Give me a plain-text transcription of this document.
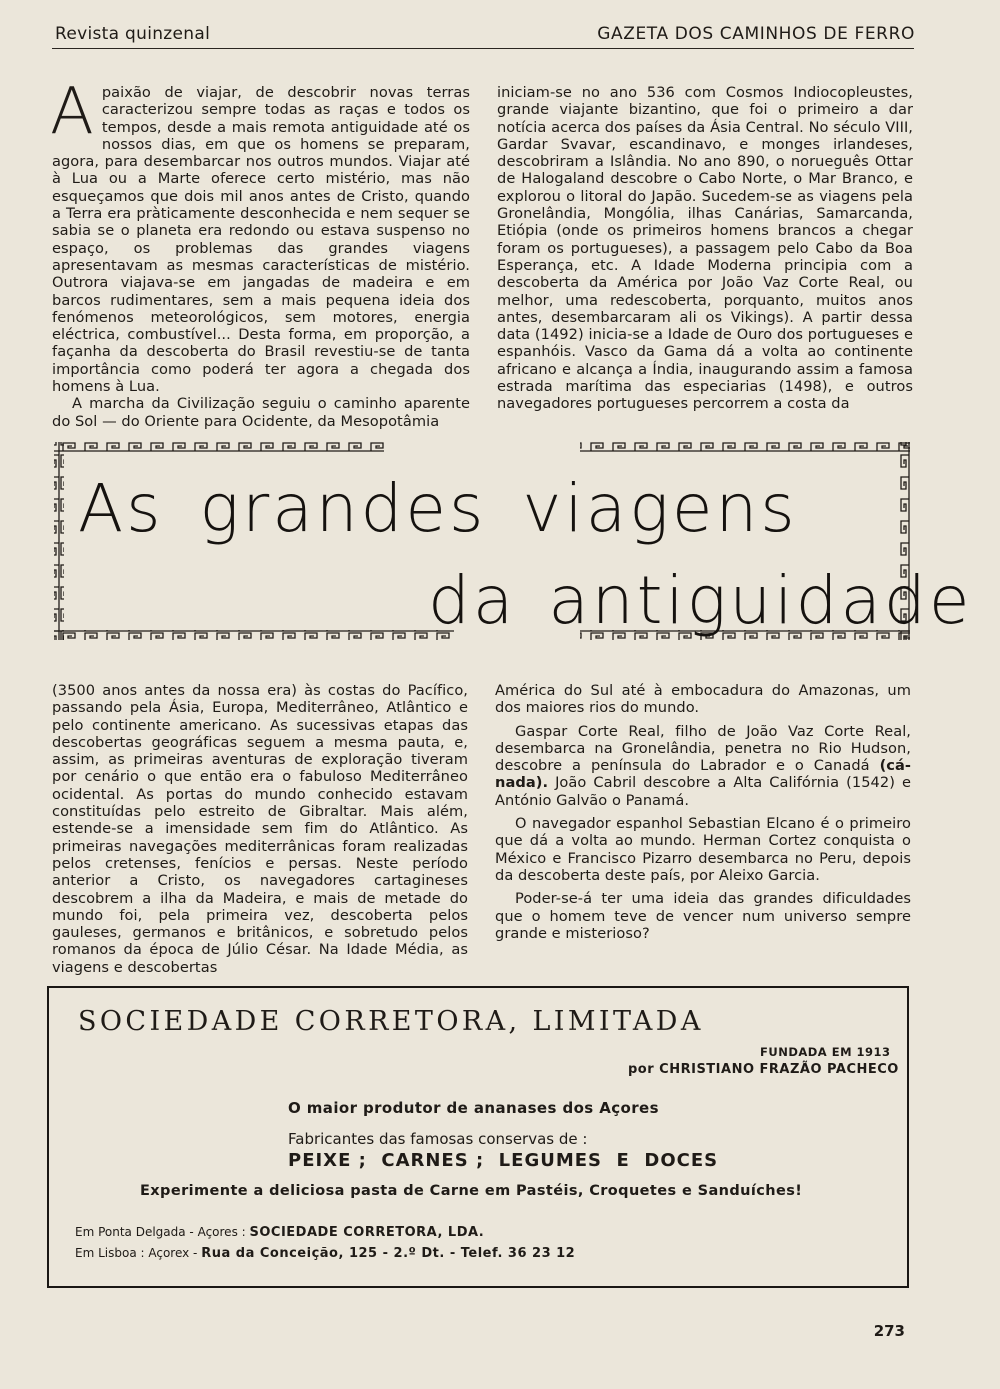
Revista quinzenal	GAZETA DOS CAMINHOS DE FERRO

Apaixão de viajar, de descobrir novas terras caracterizou sempre todas as raças e todos os tempos, desde a mais remota antiguidade até os nossos dias, em que os homens se preparam, agora, para desembarcar nos outros mundos. Viajar até à Lua ou a Marte oferece certo mistério, mas não esqueçamos que dois mil anos antes de Cristo, quando a Terra era pràticamente desconhecida e nem sequer se sabia se o planeta era redondo ou estava suspenso no espaço, os problemas das grandes viagens apresentavam as mesmas características de mistério. Outrora viajava-se em jangadas de madeira e em barcos rudimentares, sem a mais pequena ideia dos fenómenos meteorológicos, sem motores, energia eléctrica, combustível... Desta forma, em proporção, a façanha da descoberta do Brasil revestiu-se de tanta importância como poderá ter agora a chegada dos homens à Lua.

A marcha da Civilização seguiu o caminho aparente do Sol — do Oriente para Ocidente, da Mesopotâmia

iniciam-se no ano 536 com Cosmos Indiocopleustes, grande viajante bizantino, que foi o primeiro a dar notícia acerca dos países da Ásia Central. No século VIII, Gardar Svavar, escandinavo, e monges irlandeses, descobriram a Islândia. No ano 890, o norueguês Ottar de Halogaland descobre o Cabo Norte, o Mar Branco, e explorou o litoral do Japão. Sucedem-se as viagens pela Gronelândia, Mongólia, ilhas Canárias, Samarcanda, Etiópia (onde os primeiros homens brancos a chegar foram os portugueses), a passagem pelo Cabo da Boa Esperança, etc. A Idade Moderna principia com a descoberta da América por João Vaz Corte Real, ou melhor, uma redescoberta, porquanto, muitos anos antes, desembarcaram ali os Vikings). A partir dessa data (1492) inicia-se a Idade de Ouro dos portugueses e espanhóis. Vasco da Gama dá a volta ao continente africano e alcança a Índia, inaugurando assim a famosa estrada marítima das especiarias (1498), e outros navegadores portugueses percorrem a costa da

As grandes viagens
da antiguidade

(3500 anos antes da nossa era) às costas do Pacífico, passando pela Ásia, Europa, Mediterrâneo, Atlântico e pelo continente americano. As sucessivas etapas das descobertas geográficas seguem a mesma pauta, e, assim, as primeiras aventuras de exploração tiveram por cenário o que então era o fabuloso Mediterrâneo ocidental. As portas do mundo conhecido estavam constituídas pelo estreito de Gibraltar. Mais além, estende-se a imensidade sem fim do Atlântico. As primeiras navegações mediterrânicas foram realizadas pelos cretenses, fenícios e persas. Neste período anterior a Cristo, os navegadores cartagineses descobrem a ilha da Madeira, e mais de metade do mundo foi, pela primeira vez, descoberta pelos gauleses, germanos e britânicos, e sobretudo pelos romanos da época de Júlio César. Na Idade Média, as viagens e descobertas

América do Sul até à embocadura do Amazonas, um dos maiores rios do mundo.

Gaspar Corte Real, filho de João Vaz Corte Real, desembarca na Gronelândia, penetra no Rio Hudson, descobre a península do Labrador e o Canadá (cá-nada). João Cabril descobre a Alta Califórnia (1542) e António Galvão o Panamá.

O navegador espanhol Sebastian Elcano é o primeiro que dá a volta ao mundo. Herman Cortez conquista o México e Francisco Pizarro desembarca no Peru, depois da descoberta deste país, por Aleixo Garcia.

Poder-se-á ter uma ideia das grandes dificuldades que o homem teve de vencer num universo sempre grande e misterioso?

SOCIEDADE CORRETORA, LIMITADA
FUNDADA EM 1913
por CHRISTIANO FRAZÃO PACHECO
O maior produtor de ananases dos Açores
Fabricantes das famosas conservas de :
PEIXE ;  CARNES ;  LEGUMES  E  DOCES
Experimente a deliciosa pasta de Carne em Pastéis, Croquetes e Sanduíches!
Em Ponta Delgada - Açores : SOCIEDADE CORRETORA, LDA.
Em Lisboa : Açorex - Rua da Conceição, 125 - 2.º Dt. - Telef. 36 23 12
273
